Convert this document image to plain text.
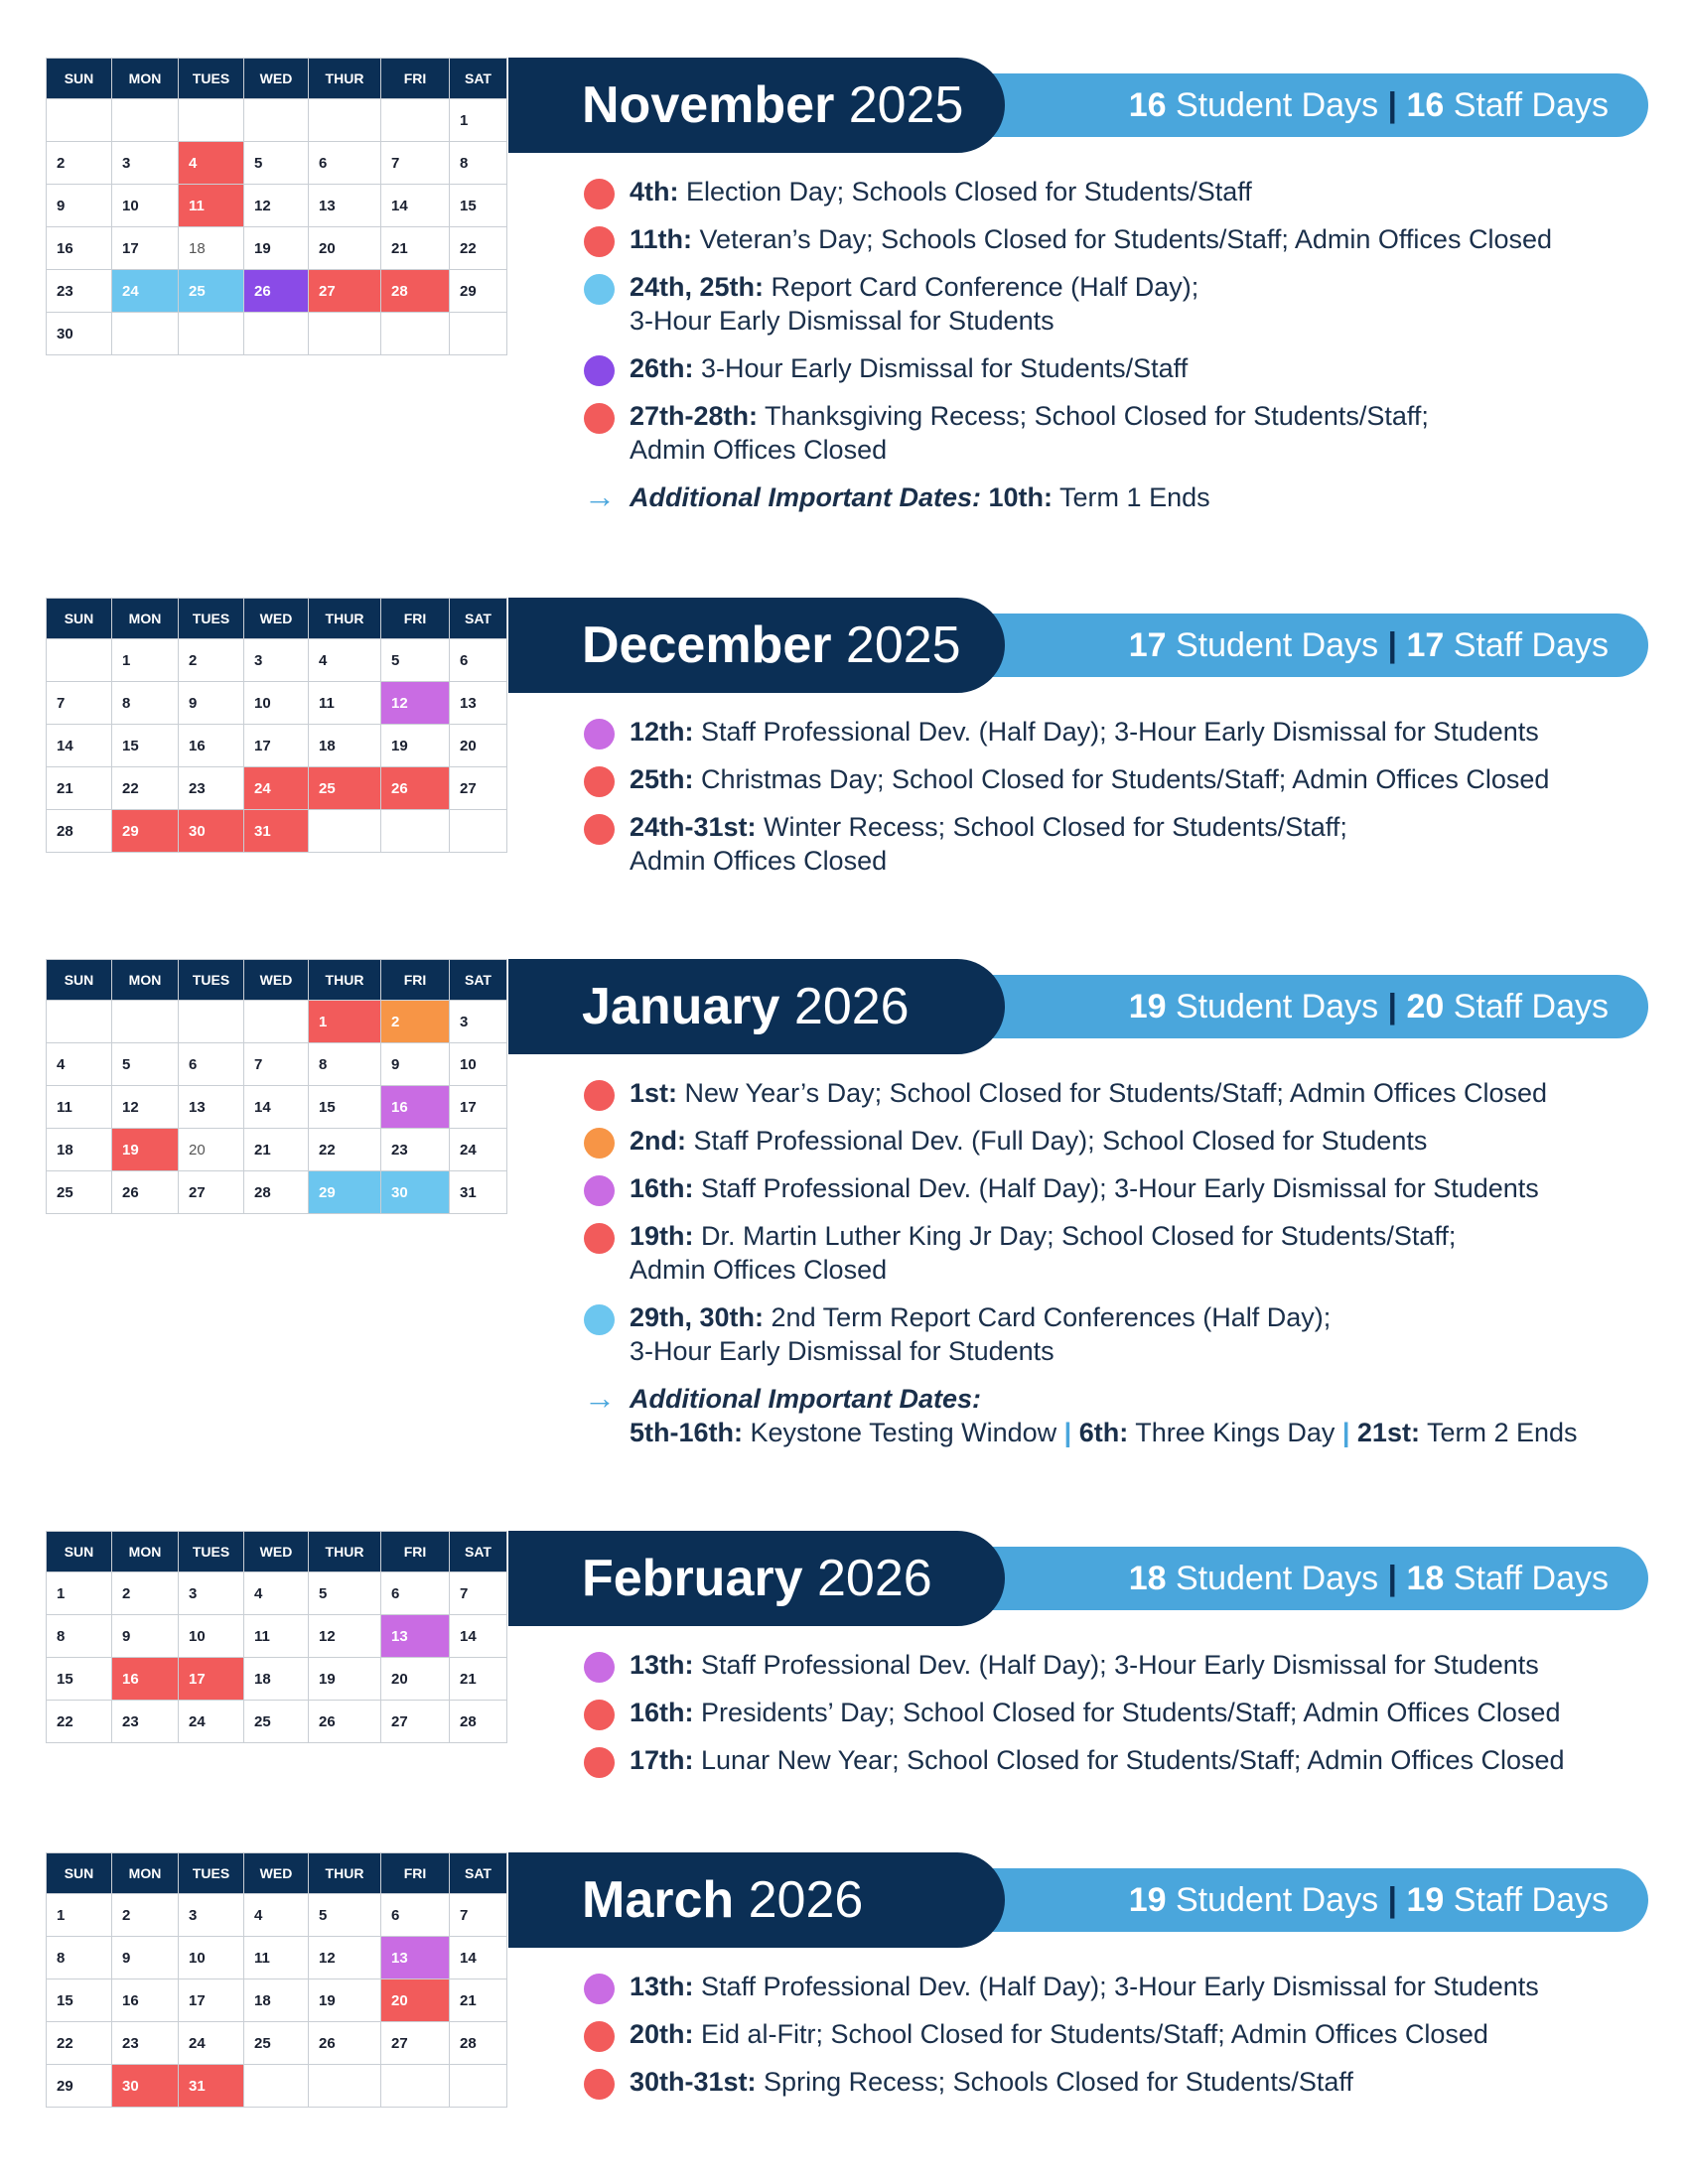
SUN	MON	TUES	WED	THUR	FRI	SAT
						1
2	3	4	5	6	7	8
9	10	11	12	13	14	15
16	17	18	19	20	21	22
23	24	25	26	27	28	29
30						
16 Student Days | 16 Staff Days
November 2025
4th: Election Day; Schools Closed for Students/Staff
11th: Veteran’s Day; Schools Closed for Students/Staff; Admin Offices Closed
24th, 25th: Report Card Conference (Half Day);
3-Hour Early Dismissal for Students
26th: 3-Hour Early Dismissal for Students/Staff
27th-28th: Thanksgiving Recess; School Closed for Students/Staff;
Admin Offices Closed
→ Additional Important Dates: 10th: Term 1 Ends
SUN	MON	TUES	WED	THUR	FRI	SAT
	1	2	3	4	5	6
7	8	9	10	11	12	13
14	15	16	17	18	19	20
21	22	23	24	25	26	27
28	29	30	31			
17 Student Days | 17 Staff Days
December 2025
12th: Staff Professional Dev. (Half Day); 3-Hour Early Dismissal for Students
25th: Christmas Day; School Closed for Students/Staff; Admin Offices Closed
24th-31st: Winter Recess; School Closed for Students/Staff;
Admin Offices Closed
SUN	MON	TUES	WED	THUR	FRI	SAT
				1	2	3
4	5	6	7	8	9	10
11	12	13	14	15	16	17
18	19	20	21	22	23	24
25	26	27	28	29	30	31
19 Student Days | 20 Staff Days
January 2026
1st: New Year’s Day; School Closed for Students/Staff; Admin Offices Closed
2nd: Staff Professional Dev. (Full Day); School Closed for Students
16th: Staff Professional Dev. (Half Day); 3-Hour Early Dismissal for Students
19th: Dr. Martin Luther King Jr Day; School Closed for Students/Staff;
Admin Offices Closed
29th, 30th: 2nd Term Report Card Conferences (Half Day);
3-Hour Early Dismissal for Students
→ Additional Important Dates:
5th-16th: Keystone Testing Window | 6th: Three Kings Day | 21st: Term 2 Ends
SUN	MON	TUES	WED	THUR	FRI	SAT
1	2	3	4	5	6	7
8	9	10	11	12	13	14
15	16	17	18	19	20	21
22	23	24	25	26	27	28
18 Student Days | 18 Staff Days
February 2026
13th: Staff Professional Dev. (Half Day); 3-Hour Early Dismissal for Students
16th: Presidents’ Day; School Closed for Students/Staff; Admin Offices Closed
17th: Lunar New Year; School Closed for Students/Staff; Admin Offices Closed
SUN	MON	TUES	WED	THUR	FRI	SAT
1	2	3	4	5	6	7
8	9	10	11	12	13	14
15	16	17	18	19	20	21
22	23	24	25	26	27	28
29	30	31				
19 Student Days | 19 Staff Days
March 2026
13th: Staff Professional Dev. (Half Day); 3-Hour Early Dismissal for Students
20th: Eid al-Fitr; School Closed for Students/Staff; Admin Offices Closed
30th-31st: Spring Recess; Schools Closed for Students/Staff
